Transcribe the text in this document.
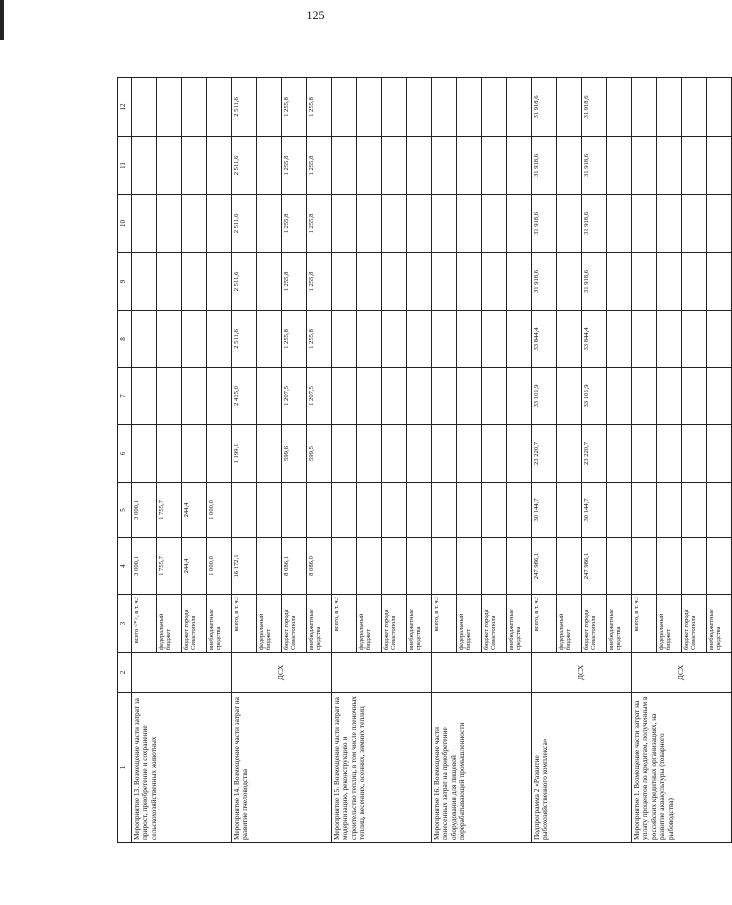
125
1	2	3	4	5	6	7	8	9	10	11	12
Мероприятие 13. Возмещение части затрат за прирост, приобретение и сохранение сельскохозяйственных животных		всего <*>, в т. ч.:	3 000,1	3 000,1							
		федеральный бюджет	1 755,7	1 755,7							
		бюджет города Севастополя	244,4	244,4							
		внебюджетные средства	1 000,0	1 000,0							
Мероприятие 14. Возмещение части затрат на развитие пчеловодства	ДСХ	всего, в т. ч.:	16 172,1		1 199,1	2 415,0	2 511,6	2 511,6	2 511,6	2 511,6	2 511,6
		федеральный бюджет									
		бюджет города Севастополя	8 086,1		599,6	1 207,5	1 255,8	1 255,8	1 255,8	1 255,8	1 255,8
		внебюджетные средства	8 086,0		599,5	1 207,5	1 255,8	1 255,8	1 255,8	1 255,8	1 255,8
Мероприятие 15. Возмещение части затрат на модернизацию, реконструкцию и строительство теплиц, в том числе пленочных теплиц, весенних, осенних, зимних теплиц		всего, в т. ч.:									
		федеральный бюджет									
		бюджет города Севастополя									
		внебюджетные средства									
Мероприятие 16. Возмещение части понесенных затрат на приобретение оборудования для пищевой перерабатывающей промышленности		всего, в т. ч.:									
		федеральный бюджет									
		бюджет города Севастополя									
		внебюджетные средства									
Подпрограмма 2 «Развитие рыбохозяйственного комплекса»	ДСХ	всего, в т. ч.:	247 986,1	30 144,7	23 220,7	33 101,9	33 844,4	31 918,6	31 918,6	31 918,6	31 918,6
		федеральный бюджет									
		бюджет города Севастополя	247 986,1	30 144,7	23 220,7	33 101,9	33 844,4	31 918,6	31 918,6	31 918,6	31 918,6
		внебюджетные средства									
Мероприятие 1. Возмещение части затрат на уплату процентов по кредитам, полученным в российских кредитных организациях, на развитие аквакультуры (товарного рыбоводства)	ДСХ	всего, в т. ч.:									
		федеральный бюджет									
		бюджет города Севастополя									
		внебюджетные средства									
